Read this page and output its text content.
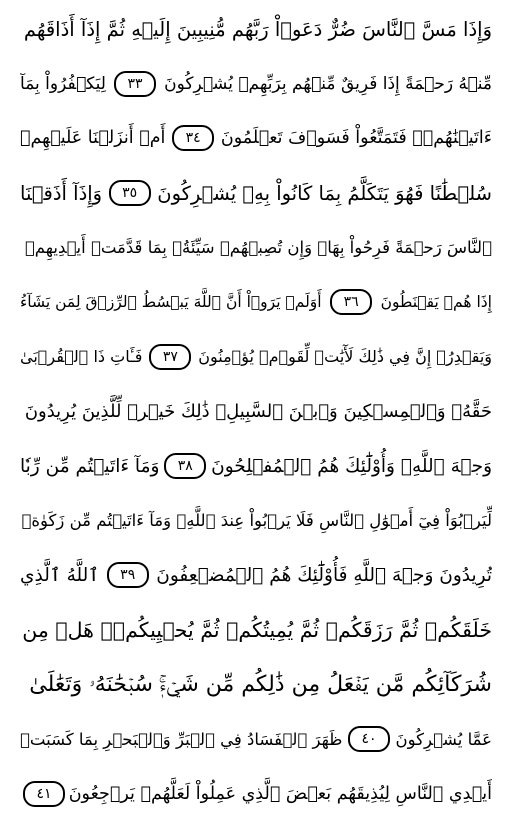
وَإِذَا مَسَّ ٱلنَّاسَ ضُرٌّ دَعَوۡاْ رَبَّهُم مُّنِيبِينَ إِلَيۡهِ ثُمَّ إِذَآ أَذَاقَهُم
مِّنۡهُ رَحۡمَةً إِذَا فَرِيقٌ مِّنۡهُم بِرَبِّهِمۡ يُشۡرِكُونَ
٣٣
لِيَكۡفُرُواْ بِمَآ
ءَاتَيۡنَٰهُمۡۚ فَتَمَتَّعُواْ فَسَوۡفَ تَعۡلَمُونَ
٣٤
أَمۡ أَنزَلۡنَا عَلَيۡهِمۡ
سُلۡطَٰنًا فَهُوَ يَتَكَلَّمُ بِمَا كَانُواْ بِهِۦ يُشۡرِكُونَ
٣٥
وَإِذَآ أَذَقۡنَا
ٱلنَّاسَ رَحۡمَةً فَرِحُواْ بِهَاۖ وَإِن تُصِبۡهُمۡ سَيِّئَةُۢ بِمَا قَدَّمَتۡ أَيۡدِيهِمۡ
إِذَا هُمۡ يَقۡنَطُونَ
٣٦
أَوَلَمۡ يَرَوۡاْ أَنَّ ٱللَّهَ يَبۡسُطُ ٱلرِّزۡقَ لِمَن يَشَآءُ
وَيَقۡدِرُۚ إِنَّ فِي ذَٰلِكَ لَأٓيَٰتٖ لِّقَوۡمٖ يُؤۡمِنُونَ
٣٧
فَـَٔاتِ ذَا ٱلۡقُرۡبَىٰ
حَقَّهُۥ وَٱلۡمِسۡكِينَ وَٱبۡنَ ٱلسَّبِيلِۚ ذَٰلِكَ خَيۡرٞ لِّلَّذِينَ يُرِيدُونَ
وَجۡهَ ٱللَّهِۖ وَأُوْلَٰٓئِكَ هُمُ ٱلۡمُفۡلِحُونَ
٣٨
وَمَآ ءَاتَيۡتُم مِّن رِّبٗا
لِّيَرۡبُوَاْ فِيٓ أَمۡوَٰلِ ٱلنَّاسِ فَلَا يَرۡبُواْ عِندَ ٱللَّهِۖ وَمَآ ءَاتَيۡتُم مِّن زَكَوٰةٖ
تُرِيدُونَ وَجۡهَ ٱللَّهِ فَأُوْلَٰٓئِكَ هُمُ ٱلۡمُضۡعِفُونَ
٣٩
ٱللَّهُ ٱلَّذِي
خَلَقَكُمۡ ثُمَّ رَزَقَكُمۡ ثُمَّ يُمِيتُكُمۡ ثُمَّ يُحۡيِيكُمۡۖ هَلۡ مِن
شُرَكَآئِكُم مَّن يَفۡعَلُ مِن ذَٰلِكُم مِّن شَيۡءٖۚ سُبۡحَٰنَهُۥ وَتَعَٰلَىٰ
عَمَّا يُشۡرِكُونَ
٤٠
ظَهَرَ ٱلۡفَسَادُ فِي ٱلۡبَرِّ وَٱلۡبَحۡرِ بِمَا كَسَبَتۡ
أَيۡدِي ٱلنَّاسِ لِيُذِيقَهُم بَعۡضَ ٱلَّذِي عَمِلُواْ لَعَلَّهُمۡ يَرۡجِعُونَ
٤١
